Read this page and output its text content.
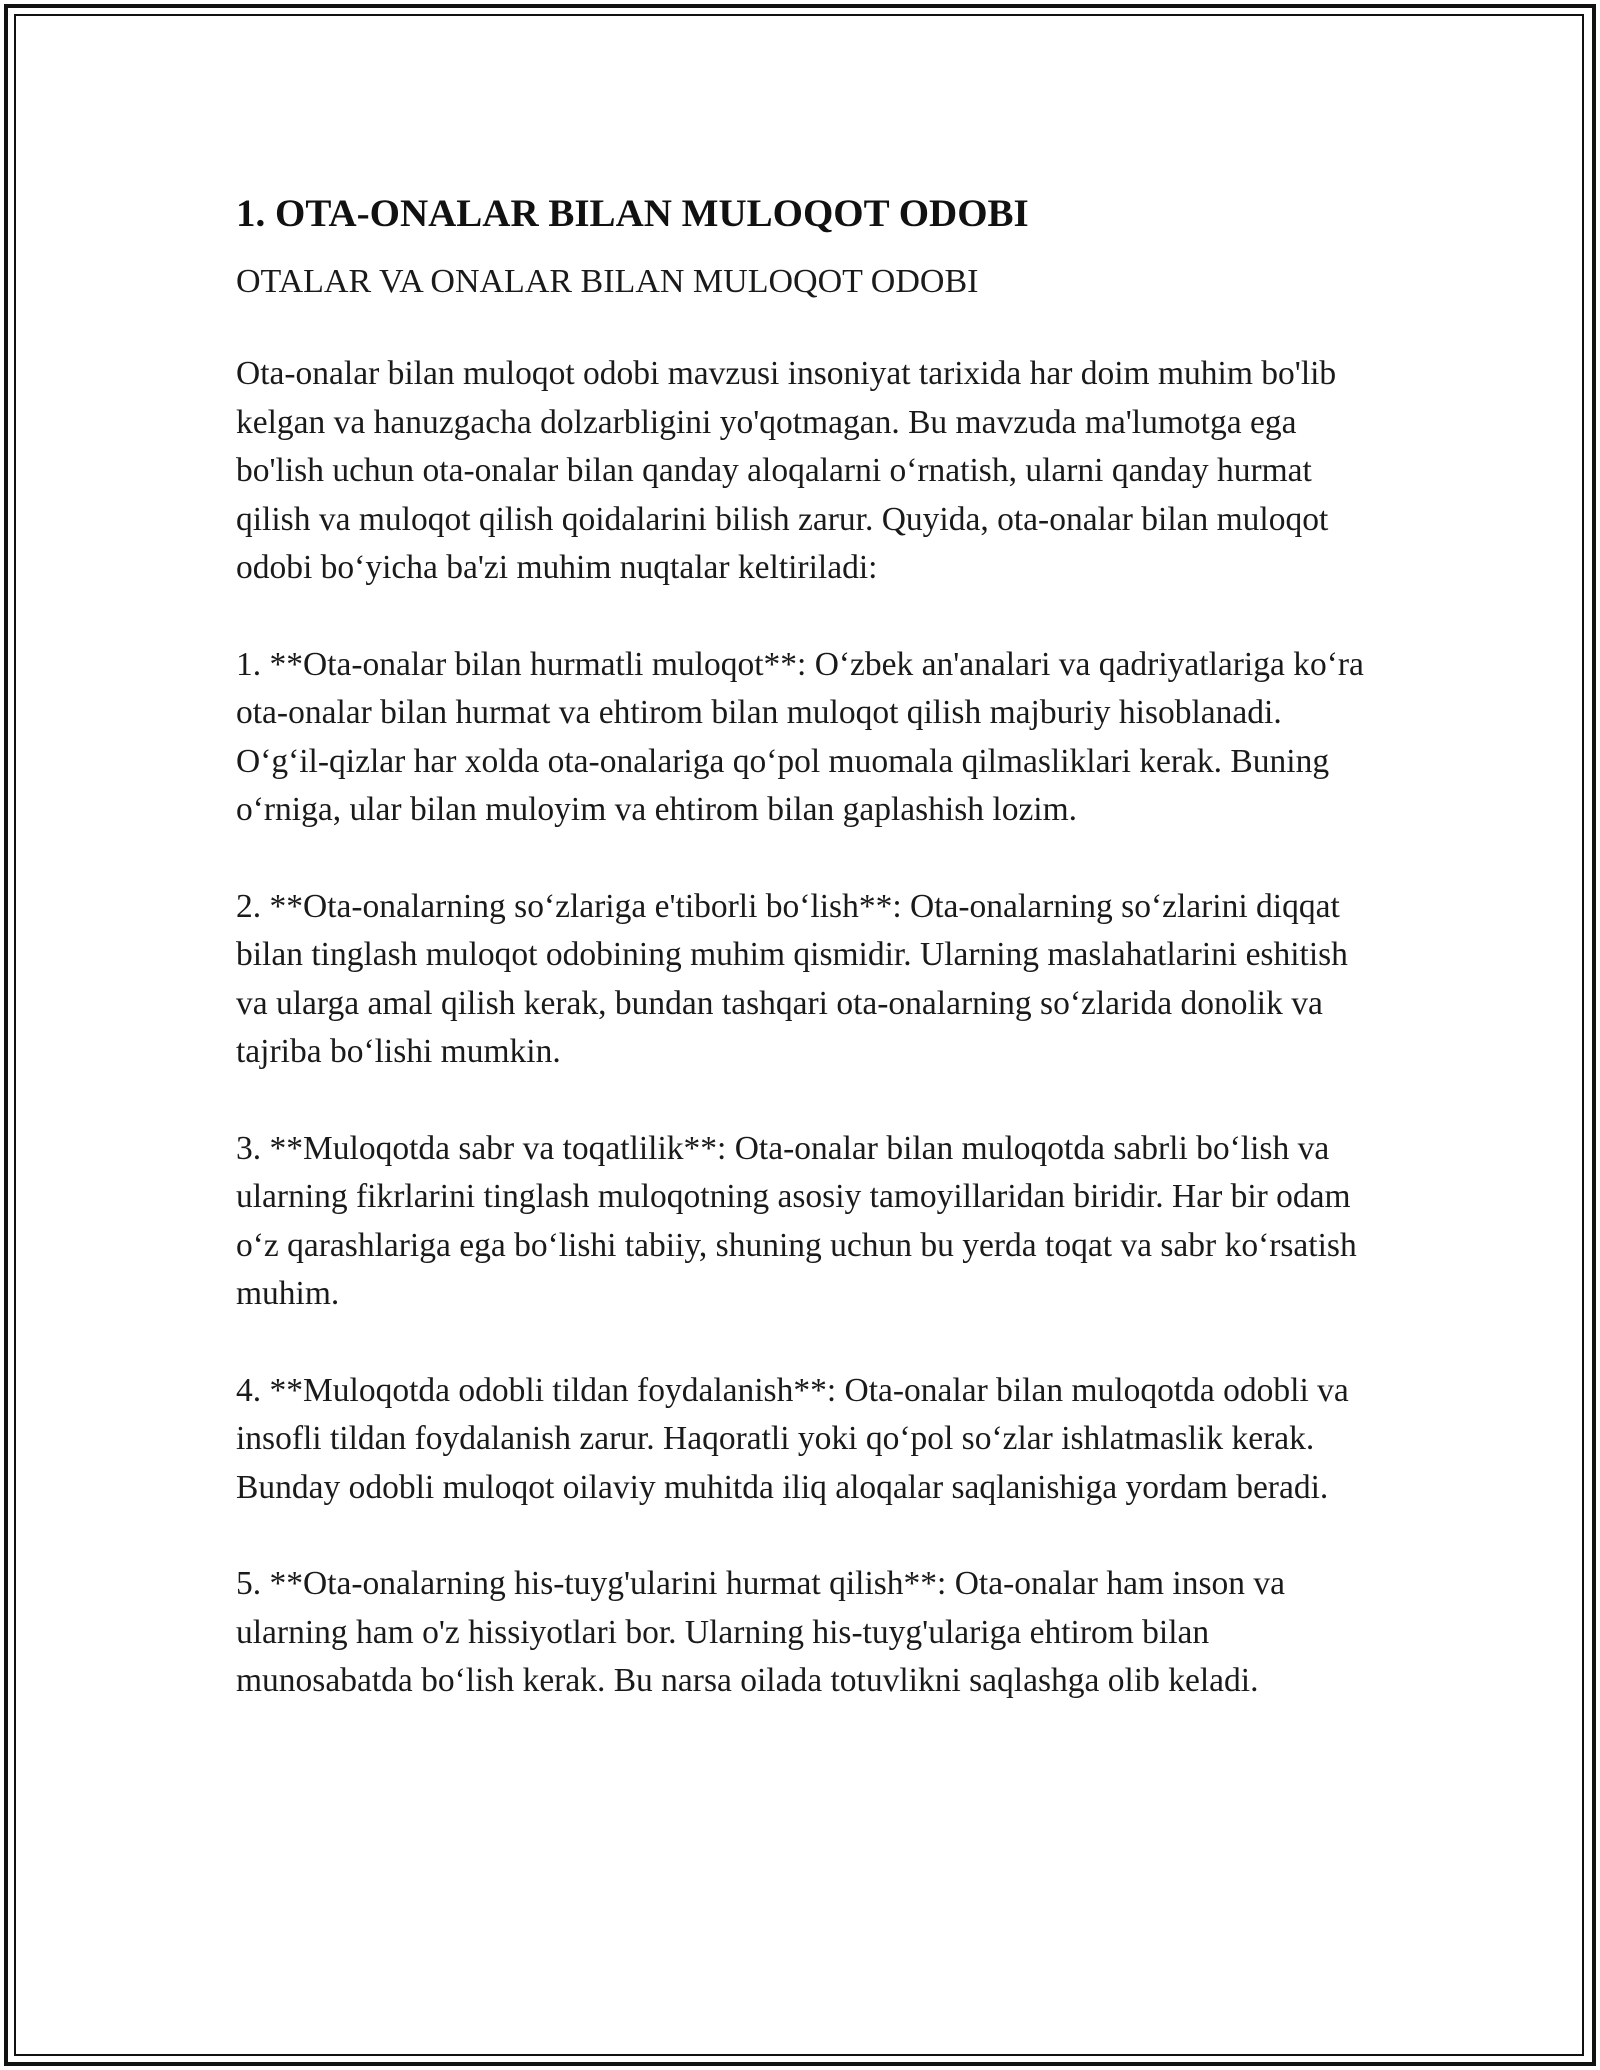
1. OTA-ONALAR BILAN MULOQOT ODOBI

OTALAR VA ONALAR BILAN MULOQOT ODOBI

Ota-onalar bilan muloqot odobi mavzusi insoniyat tarixida har doim muhim bo'lib kelgan va hanuzgacha dolzarbligini yo'qotmagan. Bu mavzuda ma'lumotga ega bo'lish uchun ota-onalar bilan qanday aloqalarni o‘rnatish, ularni qanday hurmat qilish va muloqot qilish qoidalarini bilish zarur. Quyida, ota-onalar bilan muloqot odobi bo‘yicha ba'zi muhim nuqtalar keltiriladi:

1. **Ota-onalar bilan hurmatli muloqot**: O‘zbek an'analari va qadriyatlariga ko‘ra ota-onalar bilan hurmat va ehtirom bilan muloqot qilish majburiy hisoblanadi. O‘g‘il-qizlar har xolda ota-onalariga qo‘pol muomala qilmasliklari kerak. Buning o‘rniga, ular bilan muloyim va ehtirom bilan gaplashish lozim.

2. **Ota-onalarning so‘zlariga e'tiborli bo‘lish**: Ota-onalarning so‘zlarini diqqat bilan tinglash muloqot odobining muhim qismidir. Ularning maslahatlarini eshitish va ularga amal qilish kerak, bundan tashqari ota-onalarning so‘zlarida donolik va tajriba bo‘lishi mumkin.

3. **Muloqotda sabr va toqatlilik**: Ota-onalar bilan muloqotda sabrli bo‘lish va ularning fikrlarini tinglash muloqotning asosiy tamoyillaridan biridir. Har bir odam o‘z qarashlariga ega bo‘lishi tabiiy, shuning uchun bu yerda toqat va sabr ko‘rsatish muhim.

4. **Muloqotda odobli tildan foydalanish**: Ota-onalar bilan muloqotda odobli va insofli tildan foydalanish zarur. Haqoratli yoki qo‘pol so‘zlar ishlatmaslik kerak. Bunday odobli muloqot oilaviy muhitda iliq aloqalar saqlanishiga yordam beradi.

5. **Ota-onalarning his-tuyg'ularini hurmat qilish**: Ota-onalar ham inson va ularning ham o'z hissiyotlari bor. Ularning his-tuyg'ulariga ehtirom bilan munosabatda bo‘lish kerak. Bu narsa oilada totuvlikni saqlashga olib keladi.
